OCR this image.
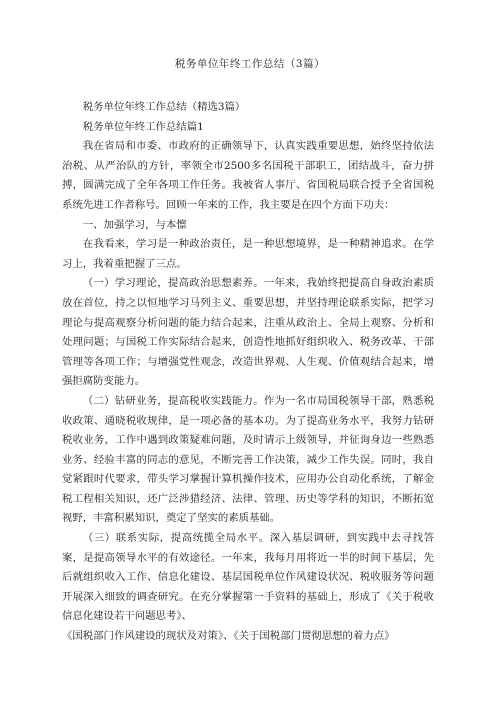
税务单位年终工作总结（3篇）

税务单位年终工作总结（精选3篇）

税务单位年终工作总结篇1

我在省局和市委、市政府的正确领导下，认真实践重要思想，始终坚持依法治税、从严治队的方针，率领全市2500多名国税干部职工，团结战斗，奋力拼搏，圆满完成了全年各项工作任务。我被省人事厅、省国税局联合授予全省国税系统先进工作者称号。回顾一年来的工作，我主要是在四个方面下功夫：

一、加强学习，与本懔

在我看来，学习是一种政治责任，是一种思想境界，是一种精神追求。在学习上，我着重把握了三点。

（一）学习理论，提高政治思想素养。一年来，我始终把提高自身政治素质放在首位，持之以恒地学习马列主义、重要思想，并坚持理论联系实际，把学习理论与提高观察分析问题的能力结合起来，注重从政治上、全局上观察、分析和处理问题；与国税工作实际结合起来，创造性地抓好组织收入、税务改革、干部管理等各项工作；与增强党性观念，改造世界观、人生观、价值观结合起来，增强拒腐防变能力。

（二）钻研业务，提高税收实践能力。作为一名市局国税领导干部，熟悉税收政策、通晓税收规律，是一项必备的基本功。为了提高业务水平，我努力钻研税收业务，工作中遇到政策疑难问题，及时请示上级领导，并征询身边一些熟悉业务、经验丰富的同志的意见，不断完善工作决策，减少工作失误。同时，我自觉紧跟时代要求，带头学习掌握计算机操作技术，应用办公自动化系统，了解金税工程相关知识，还广泛涉猎经济、法律、管理、历史等学科的知识，不断拓宽视野，丰富积累知识，奠定了坚实的素质基础。

（三）联系实际，提高统揽全局水平。深入基层调研，到实践中去寻找答案，是提高领导水平的有效途径。一年来，我每月用将近一半的时间下基层，先后就组织收入工作、信息化建设、基层国税单位作风建设状况、税收服务等问题开展深入细致的调查研究。在充分掌握第一手资料的基础上，形成了《关于税收信息化建设若干问题思考》、

《国税部门作风建设的现状及对策》、《关于国税部门贯彻思想的着力点》
